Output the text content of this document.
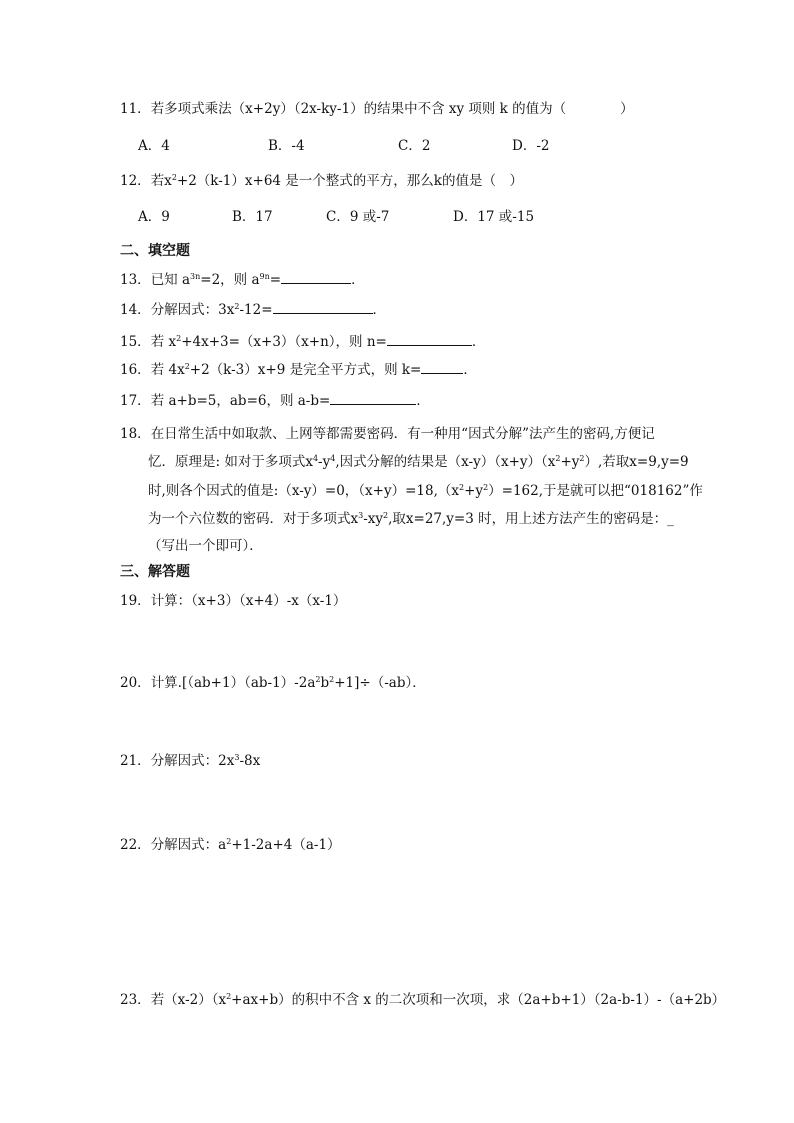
11．若多项式乘法（x+2y）（2x-ky-1）的结果中不含 xy 项则 k 的值为（	）
A．4	B．-4	C．2	D．-2
12．若$x^2+2(k-1)x+64$ 是一个整式的平方，那么k的值是（　）
A．9	B．17	C．9 或-7	D．17 或-15
二、填空题
13．已知 $a^{3n}=2$，则 $a^{9n}=$	．
14．分解因式：$3x^2-12=$	．
15．若 $x^2+4x+3=(x+3)(x+n)$，则 n=	．
16．若 $4x^2+2(k-3)x+9$ 是完全平方式，则 k=	．
17．若 a+b=5，ab=6，则 a-b=	．
18．在日常生活中如取款、上网等都需要密码．有一种用“因式分解”法产生的密码,方便记
忆．原理是: 如对于多项式$x^4-y^4$,因式分解的结果是$(x-y)(x+y)(x^2+y^2)$,若取x=9,y=9
时,则各个因式的值是:（x-y）=0，$(x+y)=18,(x^2+y^2)=162$,于是就可以把“018162”作
为一个六位数的密码．对于多项式$x^3-xy^2$,取x=27,y=3 时，用上述方法产生的密码是：_
（写出一个即可）．
三、解答题
19．计算：（x+3）（x+4）-x（x-1）
20．计算$.[(ab+1)(ab-1)-2a^2b^2+1]\div(-ab)$．
21．分解因式：$2x^3-8x$
22．分解因式：$a^2+1-2a+4(a-1)$
23．若$(x-2)(x^2+ax+b)$的积中不含 x 的二次项和一次项，求（2a+b+1）（2a-b-1）-（a+2b）
